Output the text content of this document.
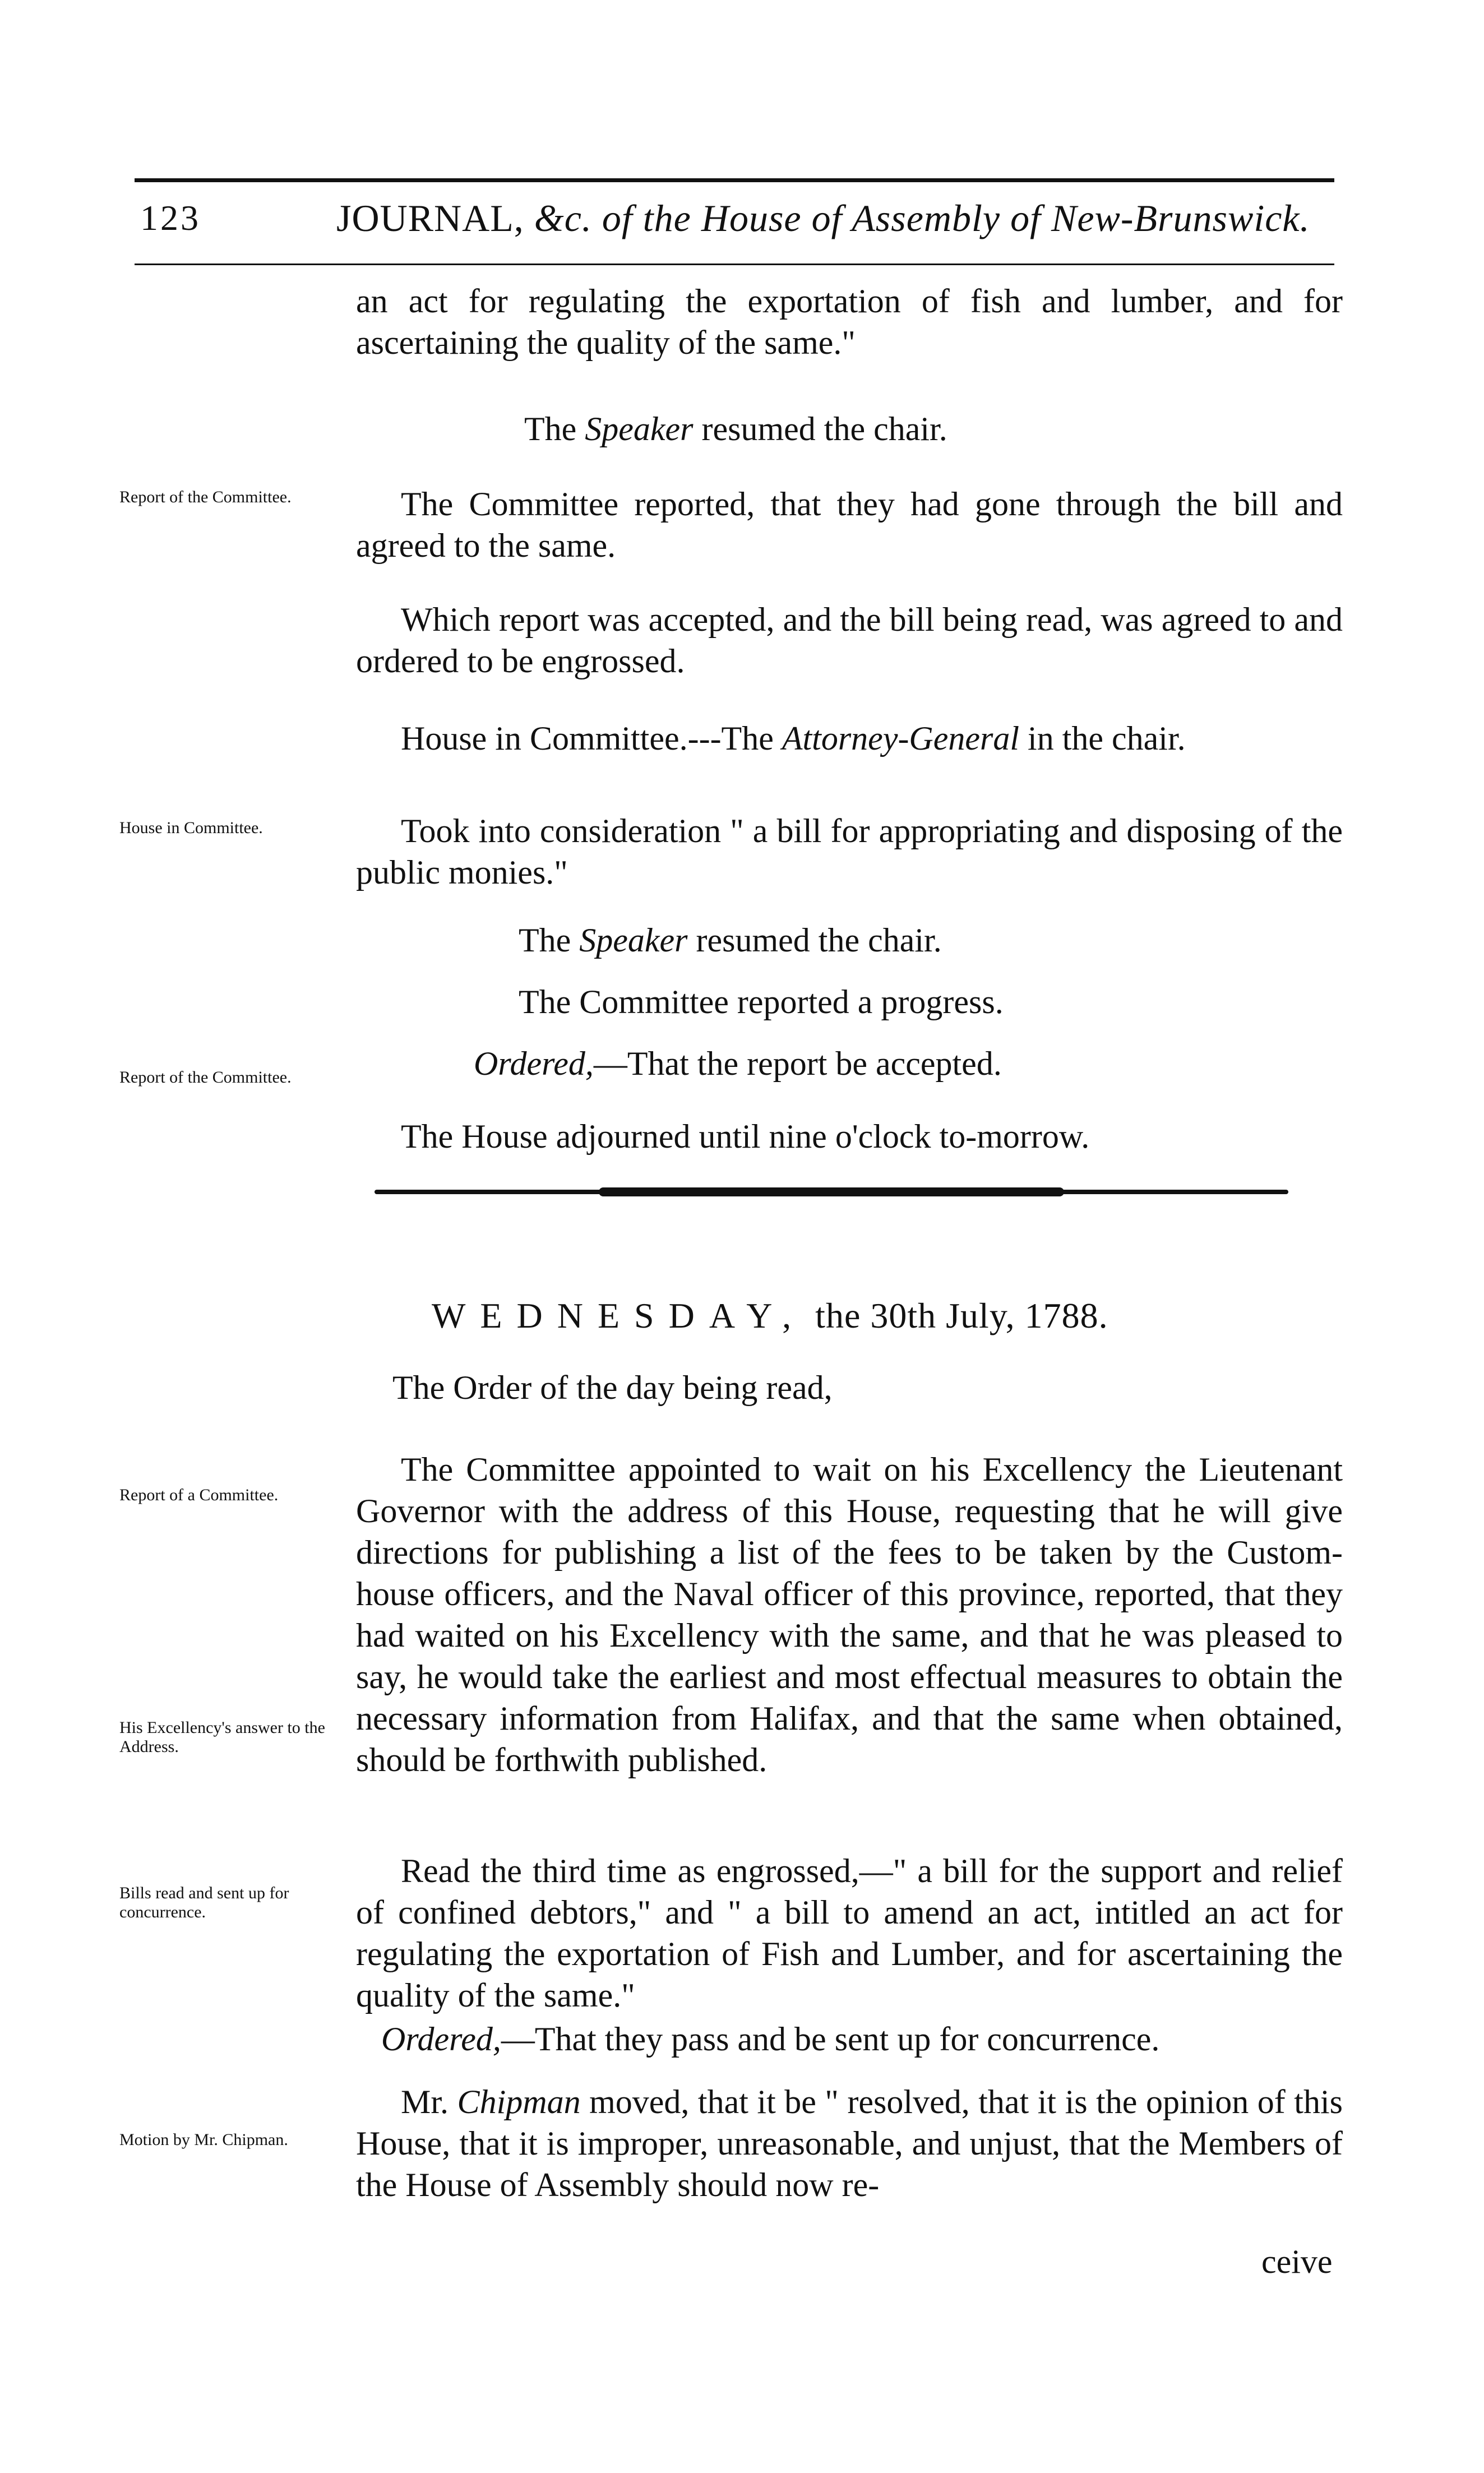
123	JOURNAL, &c. of the House of Assembly of New-Brunswick.
an act for regulating the exportation of fish and lumber, and for ascertaining the quality of the same."
The Speaker resumed the chair.
Report of the Committee.	The Committee reported, that they had gone through the bill and agreed to the same.
Which report was accepted, and the bill being read, was agreed to and ordered to be engrossed.
House in Committee.---The Attorney-General in the chair.
House in Committee.	Took into consideration " a bill for appropriating and disposing of the public monies."
The Speaker resumed the chair.
The Committee reported a progress.
Report of the Committee.	Ordered,—That the report be accepted.
The House adjourned until nine o'clock to-morrow.
WEDNESDAY, the 30th July, 1788.
The Order of the day being read,
Report of a Committee.
His Excellency's answer to the Address.
The Committee appointed to wait on his Excellency the Lieutenant Governor with the address of this House, requesting that he will give directions for publishing a list of the fees to be taken by the Custom-house officers, and the Naval officer of this province, reported, that they had waited on his Excellency with the same, and that he was pleased to say, he would take the earliest and most effectual measures to obtain the necessary information from Halifax, and that the same when obtained, should be forthwith published.
Bills read and sent up for concurrence.
Read the third time as engrossed,—" a bill for the support and relief of confined debtors," and " a bill to amend an act, intitled an act for regulating the exportation of Fish and Lumber, and for ascertaining the quality of the same."
Ordered,—That they pass and be sent up for concurrence.
Motion by Mr. Chipman.
Mr. Chipman moved, that it be " resolved, that it is the opinion of this House, that it is improper, unreasonable, and unjust, that the Members of the House of Assembly should now re-
ceive
